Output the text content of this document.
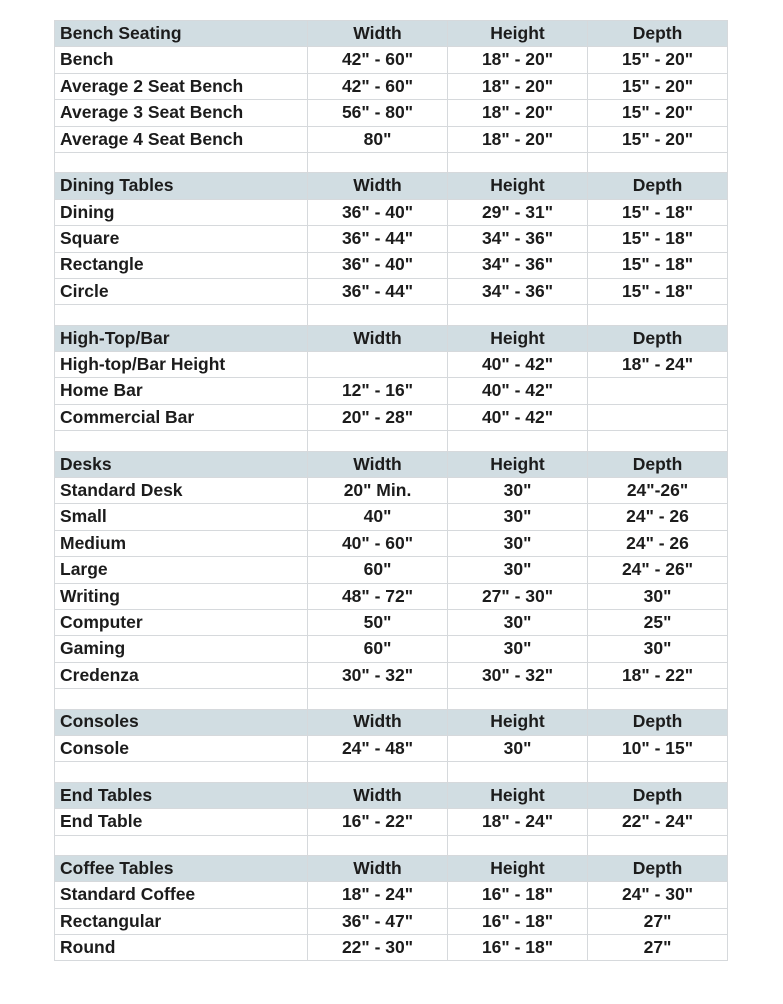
Bench Seating	Width	Height	Depth
Bench	42" - 60"	18" - 20"	15" - 20"
Average 2 Seat Bench	42" - 60"	18" - 20"	15" - 20"
Average 3 Seat Bench	56" - 80"	18" - 20"	15" - 20"
Average 4 Seat Bench	80"	18" - 20"	15" - 20"

Dining Tables	Width	Height	Depth
Dining	36" - 40"	29" - 31"	15" - 18"
Square	36" - 44"	34" - 36"	15" - 18"
Rectangle	36" - 40"	34" - 36"	15" - 18"
Circle	36" - 44"	34" - 36"	15" - 18"

High-Top/Bar	Width	Height	Depth
High-top/Bar Height		40" - 42"	18" - 24"
Home Bar	12" - 16"	40" - 42"	
Commercial Bar	20" - 28"	40" - 42"	

Desks	Width	Height	Depth
Standard Desk	20" Min.	30"	24"-26"
Small	40"	30"	24" - 26
Medium	40" - 60"	30"	24" - 26
Large	60"	30"	24" - 26"
Writing	48" - 72"	27" - 30"	30"
Computer	50"	30"	25"
Gaming	60"	30"	30"
Credenza	30" - 32"	30" - 32"	18" - 22"

Consoles	Width	Height	Depth
Console	24" - 48"	30"	10" - 15"

End Tables	Width	Height	Depth
End Table	16" - 22"	18" - 24"	22" - 24"

Coffee Tables	Width	Height	Depth
Standard Coffee	18" - 24"	16" - 18"	24" - 30"
Rectangular	36" - 47"	16" - 18"	27"
Round	22" - 30"	16" - 18"	27"
